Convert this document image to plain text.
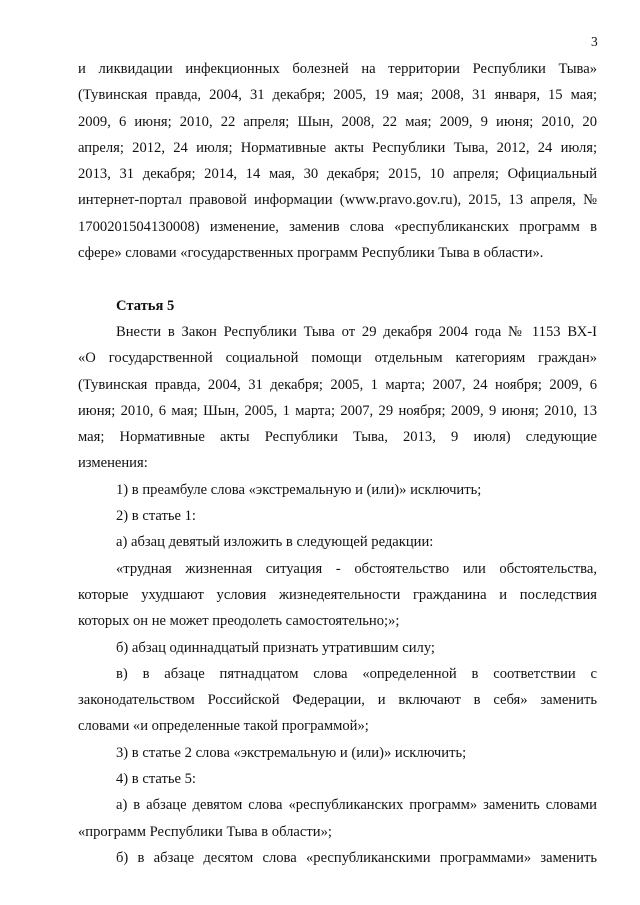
3
и ликвидации инфекционных болезней на территории Республики Тыва»
(Тувинская правда, 2004, 31 декабря; 2005, 19 мая; 2008, 31 января, 15 мая;
2009, 6 июня; 2010, 22 апреля; Шын, 2008, 22 мая; 2009, 9 июня; 2010, 20
апреля; 2012, 24 июля; Нормативные акты Республики Тыва, 2012, 24 июля;
2013, 31 декабря; 2014, 14 мая, 30 декабря; 2015, 10 апреля; Официальный
интернет-портал правовой информации (www.pravo.gov.ru), 2015, 13 апреля, №
1700201504130008) изменение, заменив слова «республиканских программ в
сфере» словами «государственных программ Республики Тыва в области».
Статья 5
Внести в Закон Республики Тыва от 29 декабря 2004 года № 1153 ВХ-I
«О государственной социальной помощи отдельным категориям граждан»
(Тувинская правда, 2004, 31 декабря; 2005, 1 марта; 2007, 24 ноября; 2009, 6
июня; 2010, 6 мая; Шын, 2005, 1 марта; 2007, 29 ноября; 2009, 9 июня; 2010, 13
мая; Нормативные акты Республики Тыва, 2013, 9 июля) следующие
изменения:
1) в преамбуле слова «экстремальную и (или)» исключить;
2) в статье 1:
а) абзац девятый изложить в следующей редакции:
«трудная жизненная ситуация - обстоятельство или обстоятельства,
которые ухудшают условия жизнедеятельности гражданина и последствия
которых он не может преодолеть самостоятельно;»;
б) абзац одиннадцатый признать утратившим силу;
в) в абзаце пятнадцатом слова «определенной в соответствии с
законодательством Российской Федерации, и включают в себя» заменить
словами «и определенные такой программой»;
3) в статье 2 слова «экстремальную и (или)» исключить;
4) в статье 5:
а) в абзаце девятом слова «республиканских программ» заменить словами
«программ Республики Тыва в области»;
б) в абзаце десятом слова «республиканскими программами» заменить
